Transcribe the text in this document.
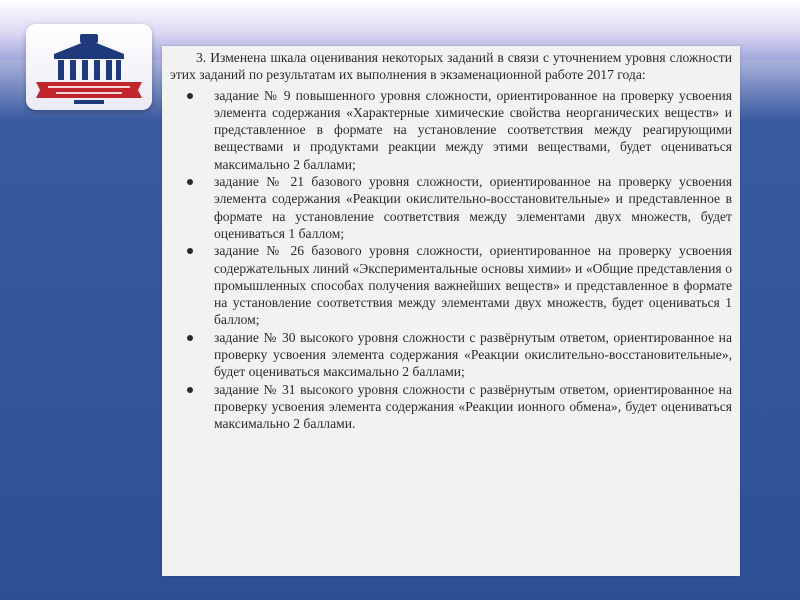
3. Изменена шкала оценивания некоторых заданий в связи с уточнением уровня сложности этих заданий по результатам их выполнения в экзаменационной работе 2017 года:

задание № 9 повышенного уровня сложности, ориентированное на проверку усвоения элемента содержания «Характерные химические свойства неорганических веществ» и представленное в формате на установление соответствия между реагирующими веществами и продуктами реакции между этими веществами, будет оцениваться максимально 2 баллами;
задание № 21 базового уровня сложности, ориентированное на проверку усвоения элемента содержания «Реакции окислительно-восстановительные» и представленное в формате на установление соответствия между элементами двух множеств, будет оцениваться 1 баллом;
задание № 26 базового уровня сложности, ориентированное на проверку усвоения содержательных линий «Экспериментальные основы химии» и «Общие представления о промышленных способах получения важнейших веществ» и представленное в формате на установление соответствия между элементами двух множеств, будет оцениваться 1 баллом;
задание № 30 высокого уровня сложности с развёрнутым ответом, ориентированное на проверку усвоения элемента содержания «Реакции окислительно-восстановительные», будет оцениваться максимально 2 баллами;
задание № 31 высокого уровня сложности с развёрнутым ответом, ориентированное на проверку усвоения элемента содержания «Реакции ионного обмена», будет оцениваться максимально 2 баллами.
